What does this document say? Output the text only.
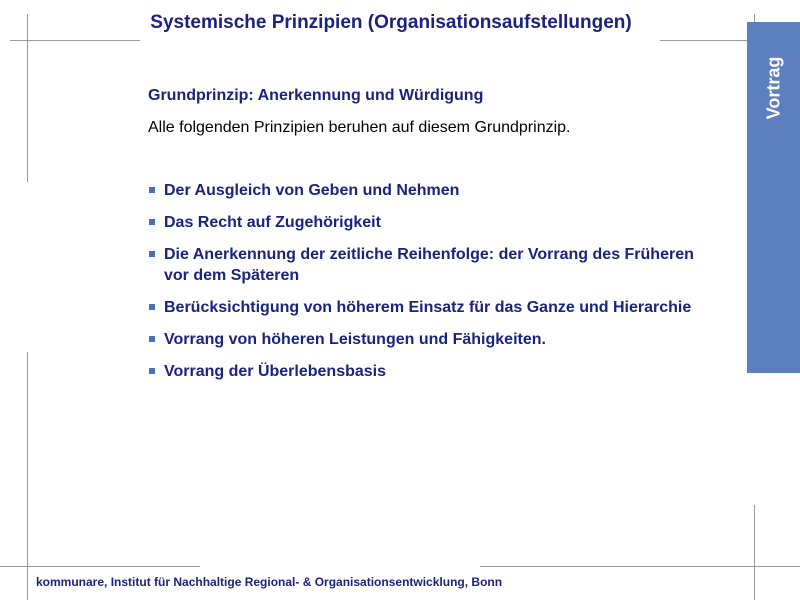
Systemische Prinzipien (Organisationsaufstellungen)
Vortrag
Grundprinzip: Anerkennung und Würdigung
Alle folgenden Prinzipien beruhen auf diesem Grundprinzip.
Der Ausgleich von Geben und Nehmen
Das Recht auf Zugehörigkeit
Die Anerkennung der zeitliche Reihenfolge: der Vorrang des Früheren vor dem Späteren
Berücksichtigung von höherem Einsatz für das Ganze und Hierarchie
Vorrang von höheren Leistungen und Fähigkeiten.
Vorrang der Überlebensbasis
kommunare, Institut für Nachhaltige Regional- & Organisationsentwicklung, Bonn
